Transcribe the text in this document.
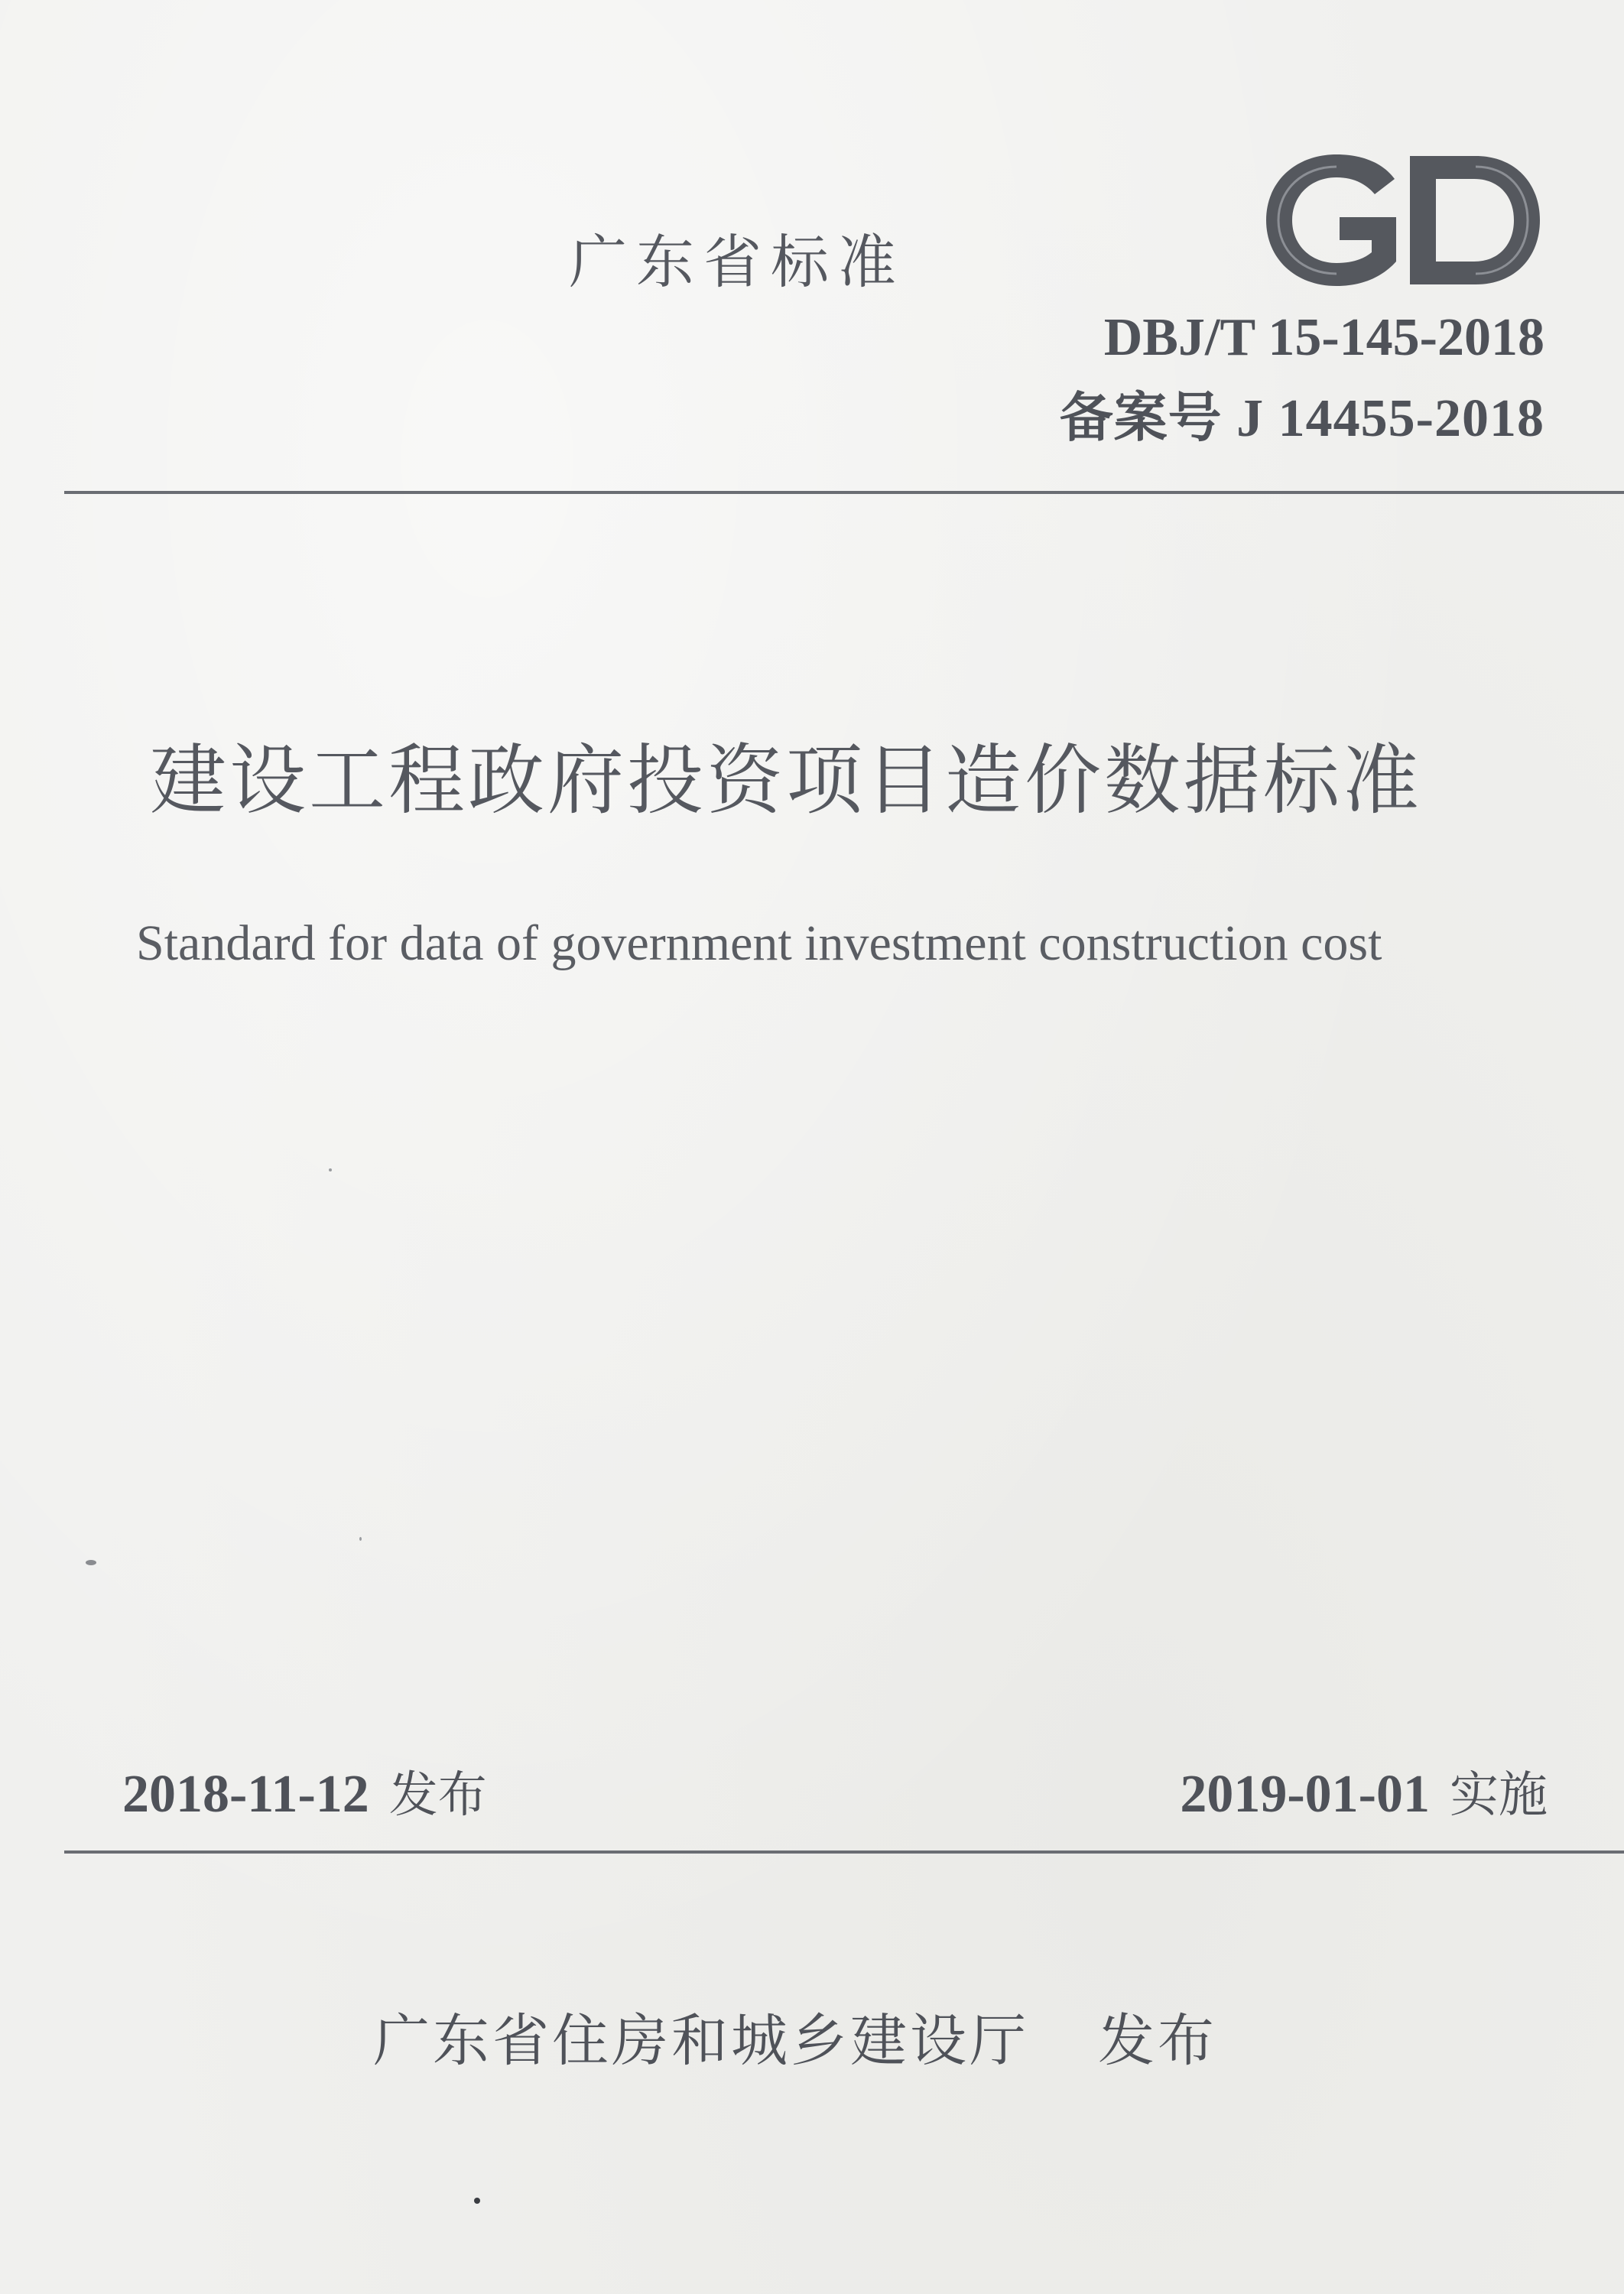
广东省标准
DBJ/T 15-145-2018
备案号 J 14455-2018
建设工程政府投资项目造价数据标准
Standard for data of government investment construction cost
2018-11-12 发布	2019-01-01 实施
广东省住房和城乡建设厅 发布
